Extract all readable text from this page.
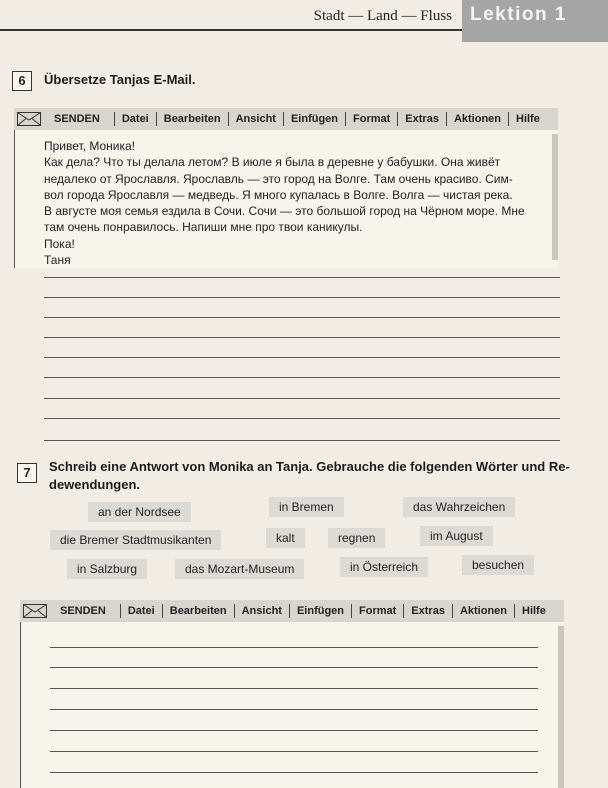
Stadt — Land — Fluss Lektion 1
6	Übersetze Tanjas E-Mail.
SENDEN	Datei	Bearbeiten	Ansicht	Einfügen	Format	Extras	Aktionen	Hilfe
Привет, Моника!
Как дела? Что ты делала летом? В июле я была в деревне у бабушки. Она живёт
недалеко от Ярославля. Ярославль — это город на Волге. Там очень красиво. Сим-
вол города Ярославля — медведь. Я много купалась в Волге. Волга — чистая река.
В августе моя семья ездила в Сочи. Сочи — это большой город на Чёрном море. Мне
там очень понравилось. Напиши мне про твои каникулы.
Пока!
Таня
7	Schreib eine Antwort von Monika an Tanja. Gebrauche die folgenden Wörter und Re-
dewendungen.
an der Nordsee	in Bremen	das Wahrzeichen
die Bremer Stadtmusikanten	kalt	regnen	im August
in Salzburg	das Mozart-Museum	in Österreich	besuchen
SENDEN	Datei	Bearbeiten	Ansicht	Einfügen	Format	Extras	Aktionen	Hilfe
